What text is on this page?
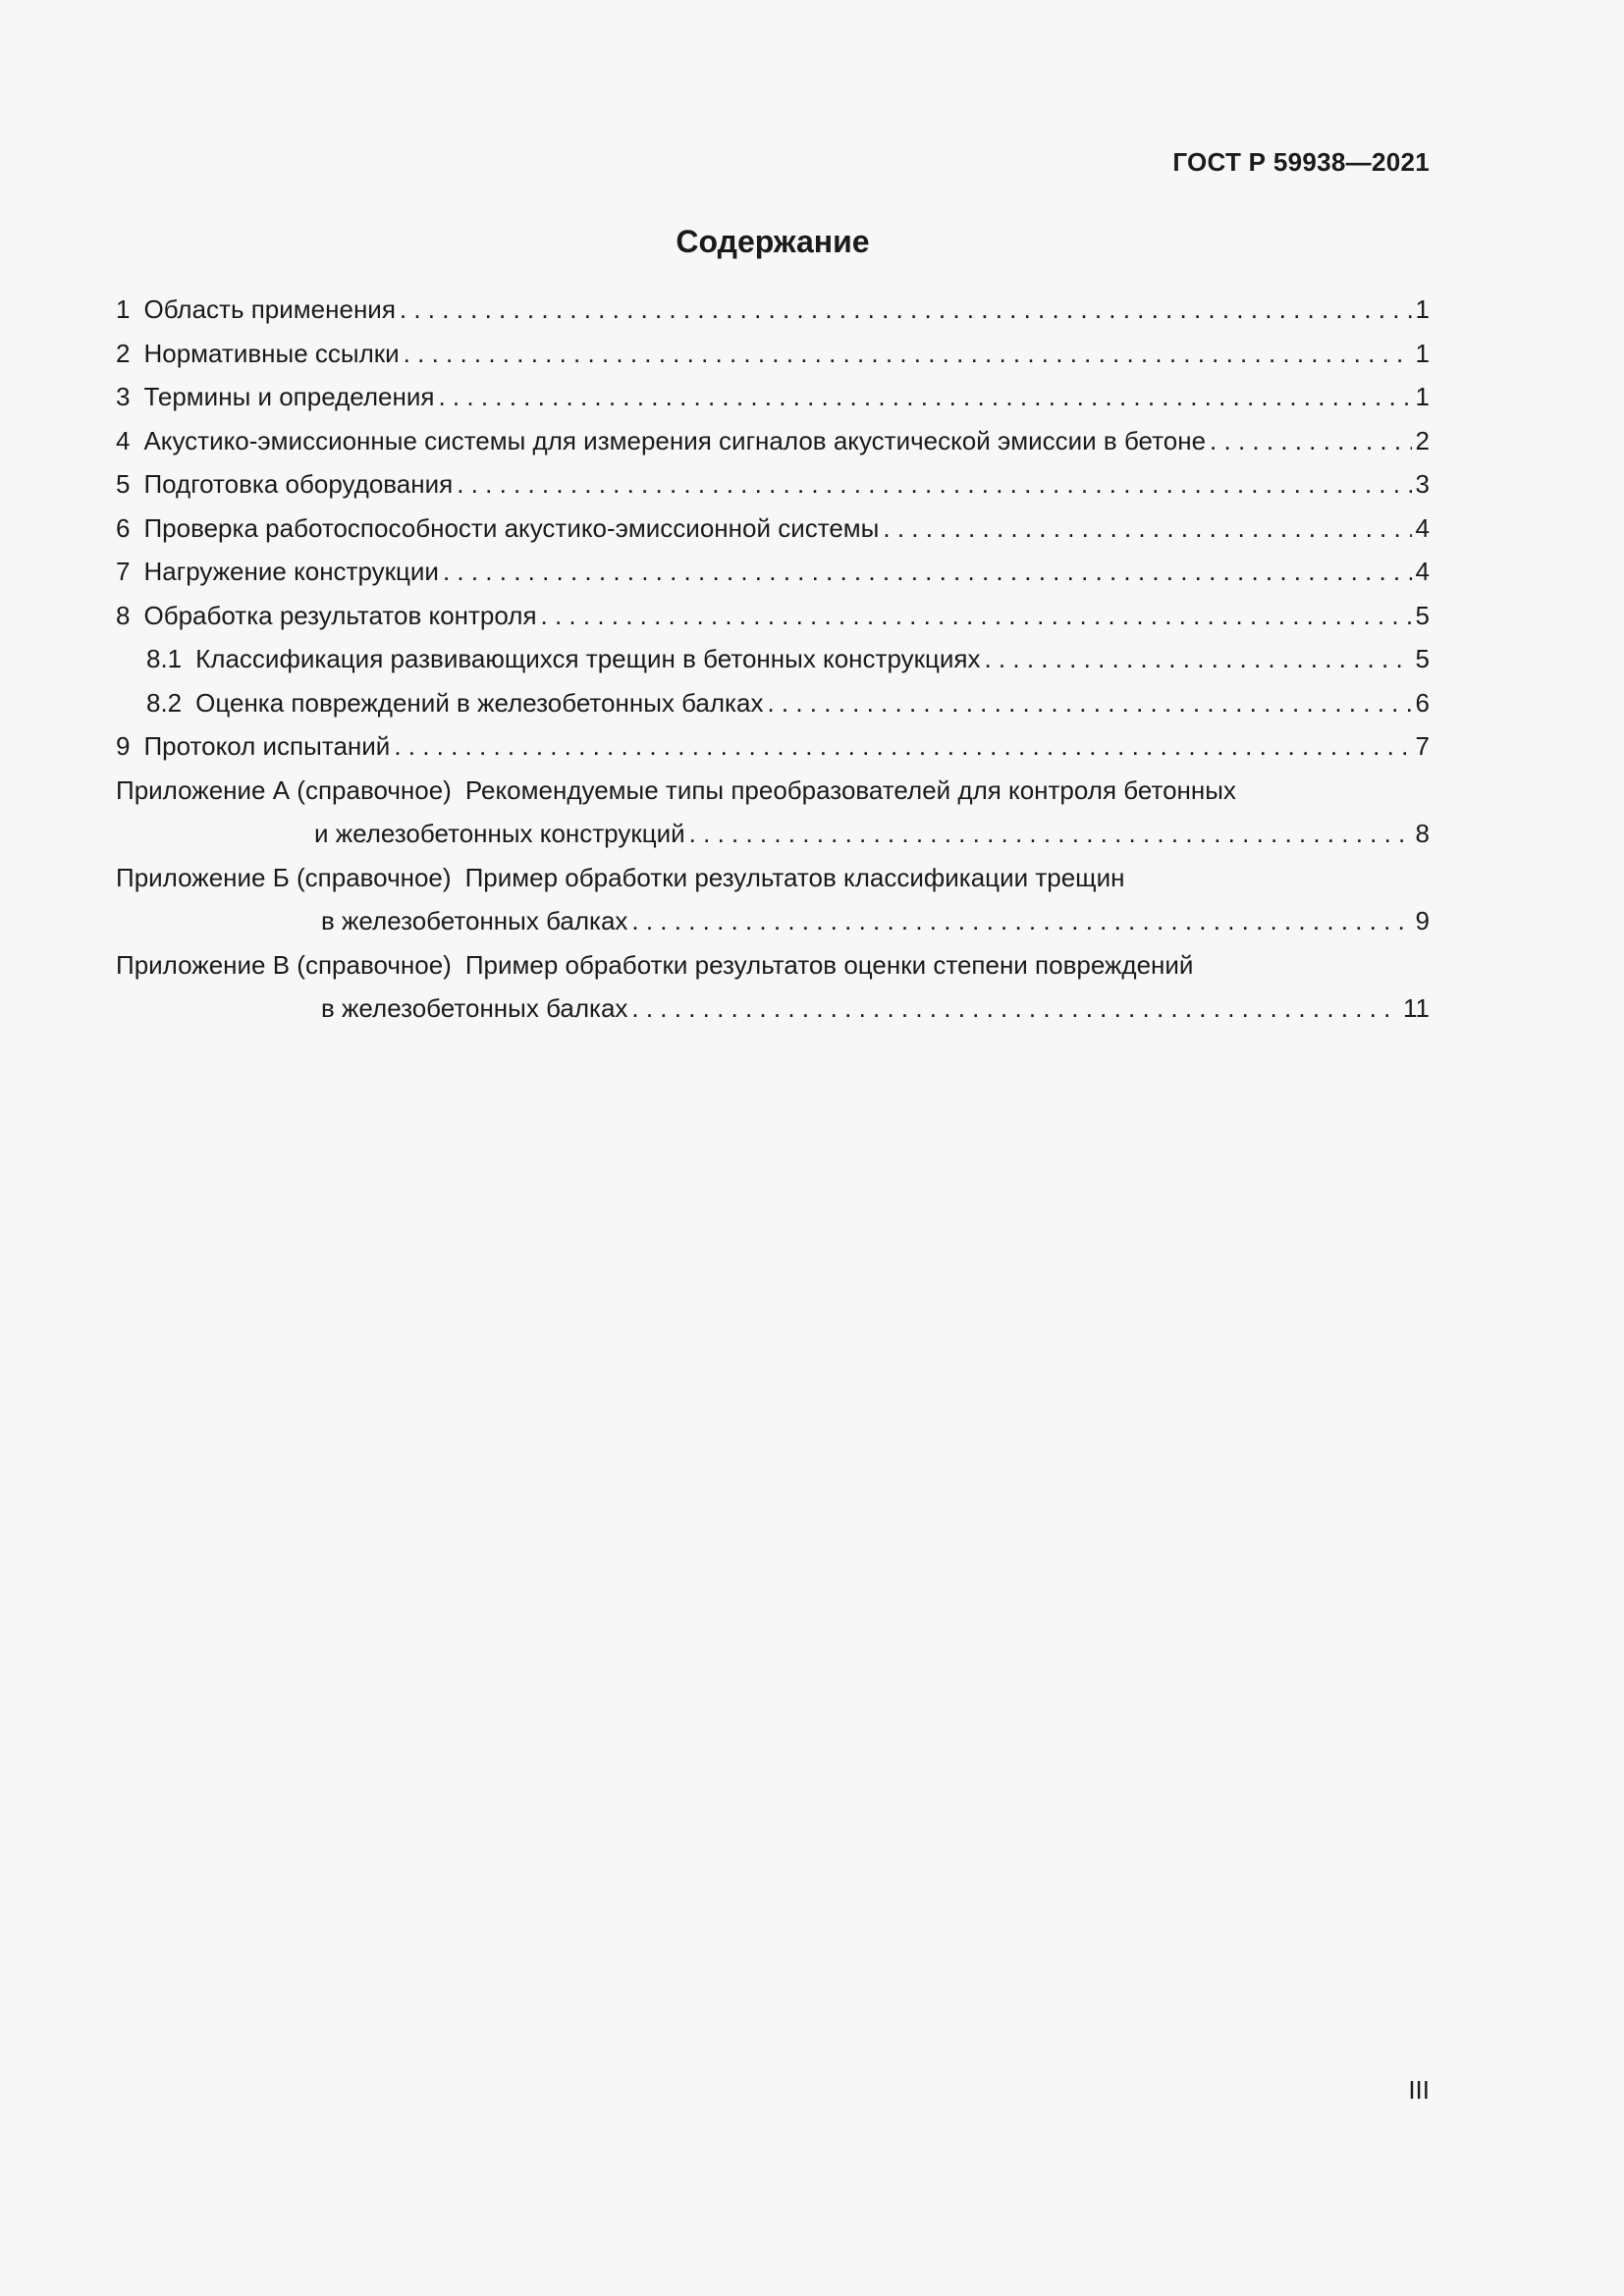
ГОСТ Р 59938—2021
Содержание
1 Область применения . . .	1
2 Нормативные ссылки . . .	1
3 Термины и определения . . .	1
4 Акустико-эмиссионные системы для измерения сигналов акустической эмиссии в бетоне . . .	2
5 Подготовка оборудования . . .	3
6 Проверка работоспособности акустико-эмиссионной системы . . .	4
7 Нагружение конструкции . . .	4
8 Обработка результатов контроля . . .	5
8.1 Классификация развивающихся трещин в бетонных конструкциях . . .	5
8.2 Оценка повреждений в железобетонных балках . . .	6
9 Протокол испытаний . . .	7
Приложение А (справочное) Рекомендуемые типы преобразователей для контроля бетонных
и железобетонных конструкций . . .	8
Приложение Б (справочное) Пример обработки результатов классификации трещин
в железобетонных балках . . .	9
Приложение В (справочное) Пример обработки результатов оценки степени повреждений
в железобетонных балках . . .	11
III
